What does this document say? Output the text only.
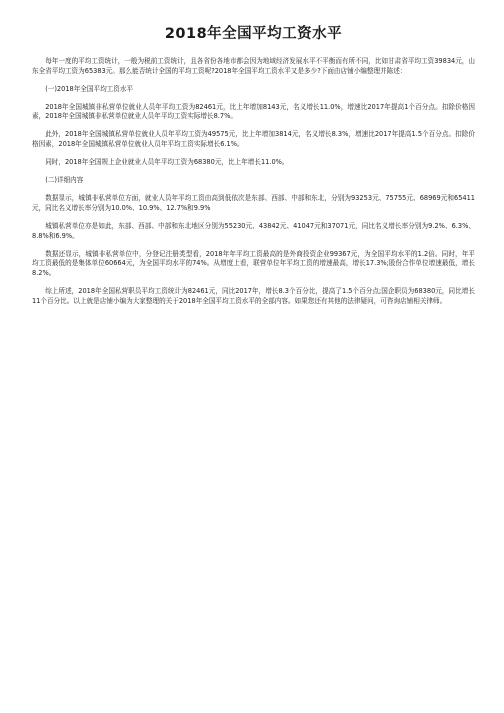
2018年全国平均工资水平

每年一度的平均工资统计，一般为税前工资统计，且各省份各地市都会因为地域经济发展水平不平衡而有所不同，比如甘肃省平均工资39834元，山东全省平均工资为65383元。那么能否统计全国的平均工资呢?2018年全国平均工资水平又是多少?下面由店铺小编整理并陈述：

(一)2018年全国平均工资水平

2018年全国城镇非私营单位就业人员年平均工资为82461元，比上年增加8143元，名义增长11.0%，增速比2017年提高1个百分点。扣除价格因素，2018年全国城镇非私营单位就业人员年平均工资实际增长8.7%。

此外，2018年全国城镇私营单位就业人员年平均工资为49575元，比上年增加3814元，名义增长8.3%，增速比2017年提高1.5个百分点。扣除价格因素，2018年全国城镇私营单位就业人员年平均工资实际增长6.1%。

同时，2018年全国规上企业就业人员年平均工资为68380元，比上年增长11.0%。

(二)详细内容

数据显示，城镇非私营单位方面，就业人员年平均工资由高到低依次是东部、西部、中部和东北，分别为93253元、75755元、68969元和65411元，同比名义增长率分别为10.0%、10.9%、12.7%和9.9%

城镇私营单位亦是如此，东部、西部、中部和东北地区分别为55230元、43842元、41047元和37071元，同比名义增长率分别为9.2%、6.3%、8.8%和6.9%。

数据还显示，城镇非私营单位中，分登记注册类型看，2018年年平均工资最高的是外商投资企业99367元，为全国平均水平的1.2倍。同时，年平均工资最低的是集体单位60664元，为全国平均水平的74%。从增度上看，联营单位年平均工资的增速最高，增长17.3%;股份合作单位增速最低，增长8.2%。

综上所述，2018年全国私营职员平均工资统计为82461元，同比2017年，增长8.3个百分比，提高了1.5个百分点;国企职员为68380元，同比增长11个百分比。以上就是店铺小编为大家整理的关于2018年全国平均工资水平的全部内容。如果您还有其他的法律疑问，可咨询店铺相关律师。
